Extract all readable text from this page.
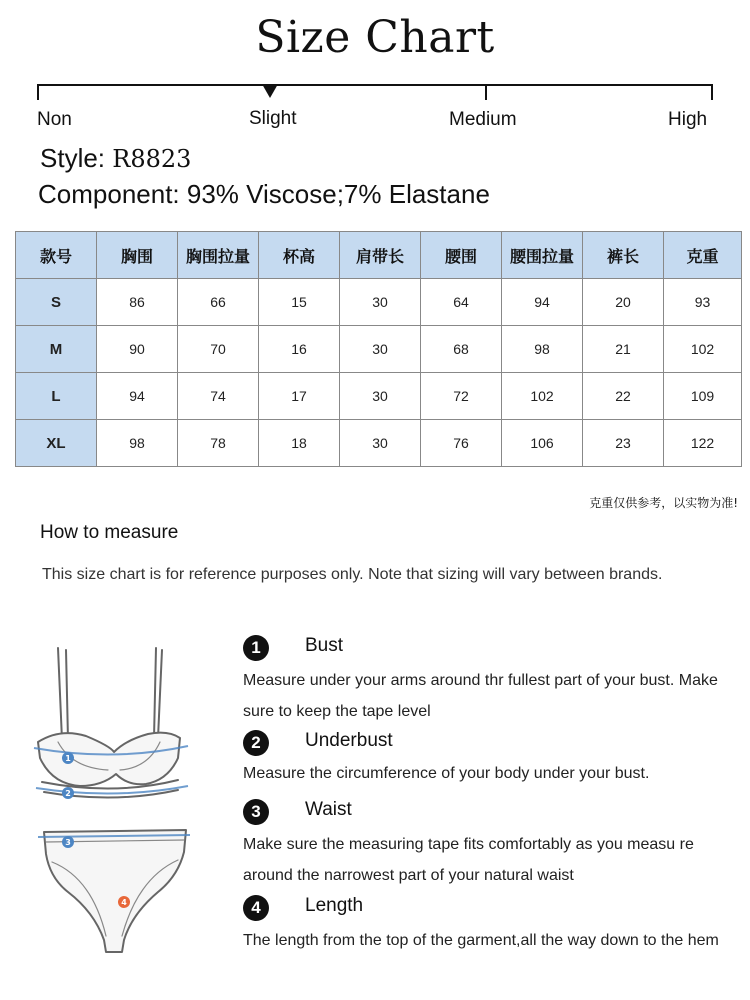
Size Chart
Non	Slight	Medium	High
Style: R8823
Component: 93% Viscose;7% Elastane
款号	胸围	胸围拉量	杯高	肩带长	腰围	腰围拉量	裤长	克重
S	86	66	15	30	64	94	20	93
M	90	70	16	30	68	98	21	102
L	94	74	17	30	72	102	22	109
XL	98	78	18	30	76	106	23	122
克重仅供参考，以实物为准!
How to measure
This size chart is for reference purposes only. Note that sizing will vary between brands.
1
2
3
4
1	Bust
Measure under your arms around thr fullest part of your bust. Make sure to keep the tape level
2	Underbust
Measure the circumference of your body under your bust.
3	Waist
Make sure the measuring tape fits comfortably as you measu re around the narrowest part of your natural waist
4	Length
The length from the top of the garment,all the way down to the hem
